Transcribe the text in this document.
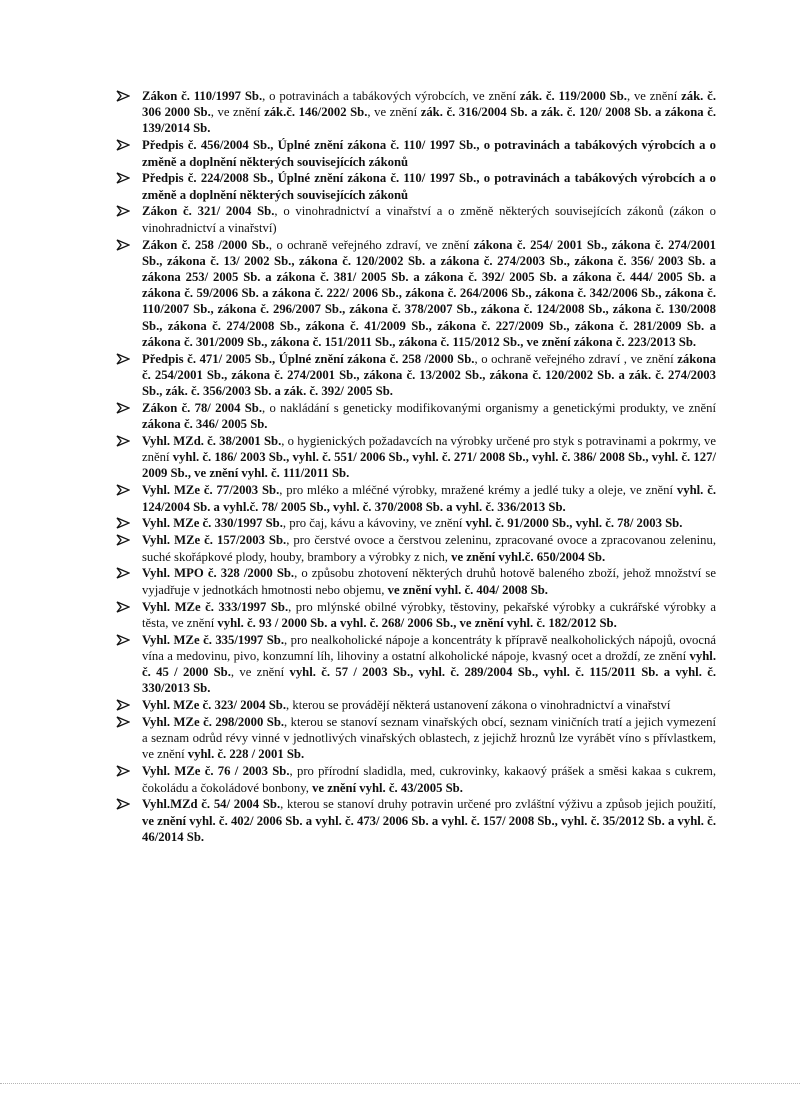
Zákon č. 110/1997 Sb., o potravinách a tabákových výrobcích, ve znění zák. č. 119/2000 Sb., ve znění zák. č. 306 2000 Sb., ve znění zák.č. 146/2002 Sb., ve znění zák. č. 316/2004 Sb. a zák. č. 120/ 2008 Sb. a zákona č. 139/2014 Sb.
Předpis č. 456/2004 Sb., Úplné znění zákona č. 110/ 1997 Sb., o potravinách a tabákových výrobcích a o změně a doplnění některých souvisejících zákonů
Předpis č. 224/2008 Sb., Úplné znění zákona č. 110/ 1997 Sb., o potravinách a tabákových výrobcích a o změně a doplnění některých souvisejících zákonů
Zákon č. 321/ 2004 Sb., o vinohradnictví a vinařství a o změně některých souvisejících zákonů (zákon o vinohradnictví a vinařství)
Zákon č. 258 /2000 Sb., o ochraně veřejného zdraví, ve znění zákona č. 254/ 2001 Sb., zákona č. 274/2001 Sb., zákona č. 13/ 2002 Sb., zákona č. 120/2002 Sb. a zákona č. 274/2003 Sb., zákona č. 356/ 2003 Sb. a zákona 253/ 2005 Sb. a zákona č. 381/ 2005 Sb. a zákona č. 392/ 2005 Sb. a zákona č. 444/ 2005 Sb. a zákona č. 59/2006 Sb. a zákona č. 222/ 2006 Sb., zákona č. 264/2006 Sb., zákona č. 342/2006 Sb., zákona č. 110/2007 Sb., zákona č. 296/2007 Sb., zákona č. 378/2007 Sb., zákona č. 124/2008 Sb., zákona č. 130/2008 Sb., zákona č. 274/2008 Sb., zákona č. 41/2009 Sb., zákona č. 227/2009 Sb., zákona č. 281/2009 Sb. a zákona č. 301/2009 Sb., zákona č. 151/2011 Sb., zákona č. 115/2012 Sb., ve znění zákona č. 223/2013 Sb.
Předpis č. 471/ 2005 Sb., Úplné znění zákona č. 258 /2000 Sb., o ochraně veřejného zdraví , ve znění zákona č. 254/2001 Sb., zákona č. 274/2001 Sb., zákona č. 13/2002 Sb., zákona č. 120/2002 Sb. a zák. č. 274/2003 Sb., zák. č. 356/2003 Sb. a zák. č. 392/ 2005 Sb.
Zákon č. 78/ 2004 Sb., o nakládání s geneticky modifikovanými organismy a genetickými produkty, ve znění zákona č. 346/ 2005 Sb.
Vyhl. MZd. č. 38/2001 Sb., o hygienických požadavcích na výrobky určené pro styk s potravinami a pokrmy, ve znění vyhl. č. 186/ 2003 Sb., vyhl. č. 551/ 2006 Sb., vyhl. č. 271/ 2008 Sb., vyhl. č. 386/ 2008 Sb., vyhl. č. 127/ 2009 Sb., ve znění vyhl. č. 111/2011 Sb.
Vyhl. MZe č. 77/2003 Sb., pro mléko a mléčné výrobky, mražené krémy a jedlé tuky a oleje, ve znění vyhl. č. 124/2004 Sb. a vyhl.č. 78/ 2005 Sb., vyhl. č. 370/2008 Sb. a vyhl. č. 336/2013 Sb.
Vyhl. MZe č. 330/1997 Sb., pro čaj, kávu a kávoviny, ve znění vyhl. č. 91/2000 Sb., vyhl. č. 78/ 2003 Sb.
Vyhl. MZe č. 157/2003 Sb., pro čerstvé ovoce a čerstvou zeleninu, zpracované ovoce a zpracovanou zeleninu, suché skořápkové plody, houby, brambory a výrobky z nich, ve znění vyhl.č. 650/2004 Sb.
Vyhl. MPO č. 328 /2000 Sb., o způsobu zhotovení některých druhů hotově baleného zboží, jehož množství se vyjadřuje v jednotkách hmotnosti nebo objemu, ve znění vyhl. č. 404/ 2008 Sb.
Vyhl. MZe č. 333/1997 Sb., pro mlýnské obilné výrobky, těstoviny, pekařské výrobky a cukrářské výrobky a těsta, ve znění vyhl. č. 93 / 2000 Sb. a vyhl. č. 268/ 2006 Sb., ve znění vyhl. č. 182/2012 Sb.
Vyhl. MZe č. 335/1997 Sb., pro nealkoholické nápoje a koncentráty k přípravě nealkoholických nápojů, ovocná vína a medovinu, pivo, konzumní líh, lihoviny a ostatní alkoholické nápoje, kvasný ocet a droždí, ze znění vyhl. č. 45 / 2000 Sb., ve znění vyhl. č. 57 / 2003 Sb., vyhl. č. 289/2004 Sb., vyhl. č. 115/2011 Sb. a vyhl. č. 330/2013 Sb.
Vyhl. MZe č. 323/ 2004 Sb., kterou se provádějí některá ustanovení zákona o vinohradnictví a vinařství
Vyhl. MZe č. 298/2000 Sb., kterou se stanoví seznam vinařských obcí, seznam viničních tratí a jejich vymezení a seznam odrůd révy vinné v jednotlivých vinařských oblastech, z jejichž hroznů lze vyrábět víno s přívlastkem, ve znění vyhl. č. 228 / 2001 Sb.
Vyhl. MZe č. 76 / 2003 Sb., pro přírodní sladidla, med, cukrovinky, kakaový prášek a směsi kakaa s cukrem, čokoládu a čokoládové bonbony, ve znění vyhl. č. 43/2005 Sb.
Vyhl.MZd č. 54/ 2004 Sb., kterou se stanoví druhy potravin určené pro zvláštní výživu a způsob jejich použití, ve znění vyhl. č. 402/ 2006 Sb. a vyhl. č. 473/ 2006 Sb. a vyhl. č. 157/ 2008 Sb., vyhl. č. 35/2012 Sb. a vyhl. č. 46/2014 Sb.
